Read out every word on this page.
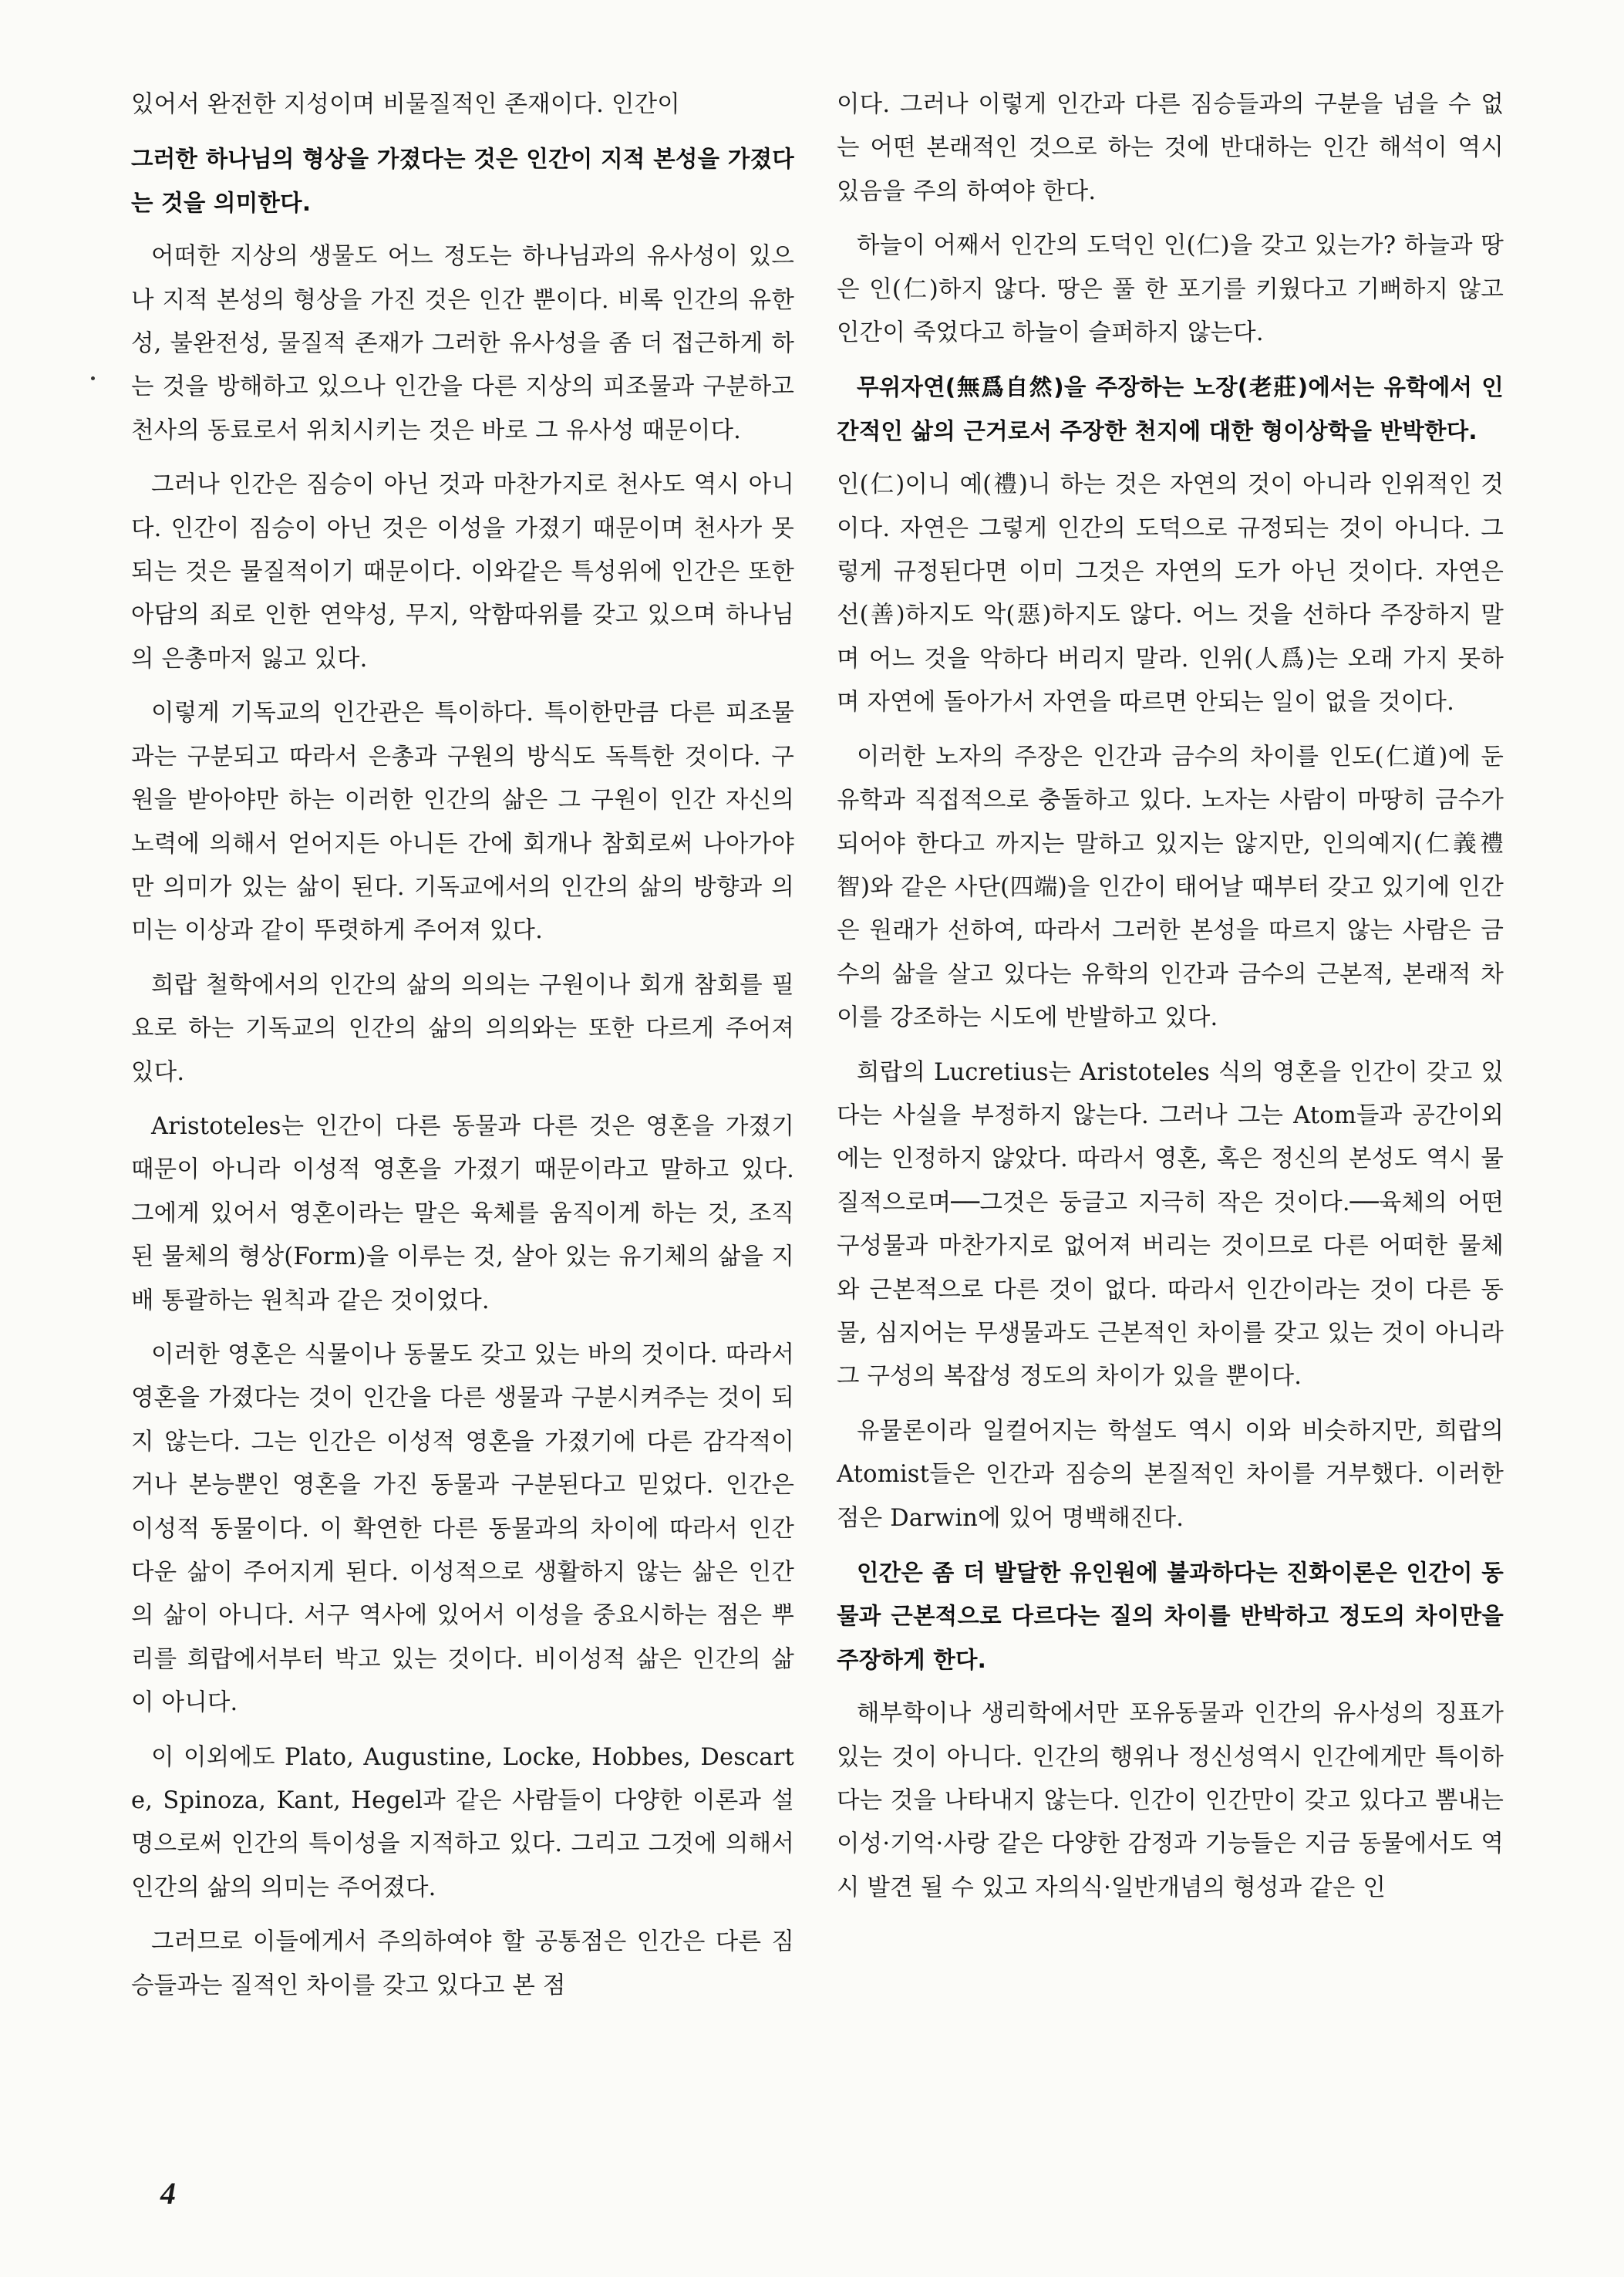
있어서 완전한 지성이며 비물질적인 존재이다. 인간이

그러한 하나님의 형상을 가졌다는 것은 인간이 지적 본성을 가졌다는 것을 의미한다.

어떠한 지상의 생물도 어느 정도는 하나님과의 유사성이 있으나 지적 본성의 형상을 가진 것은 인간 뿐이다. 비록 인간의 유한성, 불완전성, 물질적 존재가 그러한 유사성을 좀 더 접근하게 하는 것을 방해하고 있으나 인간을 다른 지상의 피조물과 구분하고 천사의 동료로서 위치시키는 것은 바로 그 유사성 때문이다.

그러나 인간은 짐승이 아닌 것과 마찬가지로 천사도 역시 아니다. 인간이 짐승이 아닌 것은 이성을 가졌기 때문이며 천사가 못 되는 것은 물질적이기 때문이다. 이와같은 특성위에 인간은 또한 아담의 죄로 인한 연약성, 무지, 악함따위를 갖고 있으며 하나님의 은총마저 잃고 있다.

이렇게 기독교의 인간관은 특이하다. 특이한만큼 다른 피조물과는 구분되고 따라서 은총과 구원의 방식도 독특한 것이다. 구원을 받아야만 하는 이러한 인간의 삶은 그 구원이 인간 자신의 노력에 의해서 얻어지든 아니든 간에 회개나 참회로써 나아가야만 의미가 있는 삶이 된다. 기독교에서의 인간의 삶의 방향과 의미는 이상과 같이 뚜렷하게 주어져 있다.

희랍 철학에서의 인간의 삶의 의의는 구원이나 회개 참회를 필요로 하는 기독교의 인간의 삶의 의의와는 또한 다르게 주어져 있다.

Aristoteles는 인간이 다른 동물과 다른 것은 영혼을 가졌기 때문이 아니라 이성적 영혼을 가졌기 때문이라고 말하고 있다. 그에게 있어서 영혼이라는 말은 육체를 움직이게 하는 것, 조직된 물체의 형상(Form)을 이루는 것, 살아 있는 유기체의 삶을 지배 통괄하는 원칙과 같은 것이었다.

이러한 영혼은 식물이나 동물도 갖고 있는 바의 것이다. 따라서 영혼을 가졌다는 것이 인간을 다른 생물과 구분시켜주는 것이 되지 않는다. 그는 인간은 이성적 영혼을 가졌기에 다른 감각적이거나 본능뿐인 영혼을 가진 동물과 구분된다고 믿었다. 인간은 이성적 동물이다. 이 확연한 다른 동물과의 차이에 따라서 인간다운 삶이 주어지게 된다. 이성적으로 생활하지 않는 삶은 인간의 삶이 아니다. 서구 역사에 있어서 이성을 중요시하는 점은 뿌리를 희랍에서부터 박고 있는 것이다. 비이성적 삶은 인간의 삶이 아니다.

이 이외에도 Plato, Augustine, Locke, Hobbes, Descarte, Spinoza, Kant, Hegel과 같은 사람들이 다양한 이론과 설명으로써 인간의 특이성을 지적하고 있다. 그리고 그것에 의해서 인간의 삶의 의미는 주어졌다.

그러므로 이들에게서 주의하여야 할 공통점은 인간은 다른 짐승들과는 질적인 차이를 갖고 있다고 본 점

이다. 그러나 이렇게 인간과 다른 짐승들과의 구분을 넘을 수 없는 어떤 본래적인 것으로 하는 것에 반대하는 인간 해석이 역시 있음을 주의 하여야 한다.

하늘이 어째서 인간의 도덕인 인(仁)을 갖고 있는가? 하늘과 땅은 인(仁)하지 않다. 땅은 풀 한 포기를 키웠다고 기뻐하지 않고 인간이 죽었다고 하늘이 슬퍼하지 않는다.

무위자연(無爲自然)을 주장하는 노장(老莊)에서는 유학에서 인간적인 삶의 근거로서 주장한 천지에 대한 형이상학을 반박한다.

인(仁)이니 예(禮)니 하는 것은 자연의 것이 아니라 인위적인 것이다. 자연은 그렇게 인간의 도덕으로 규정되는 것이 아니다. 그렇게 규정된다면 이미 그것은 자연의 도가 아닌 것이다. 자연은 선(善)하지도 악(惡)하지도 않다. 어느 것을 선하다 주장하지 말며 어느 것을 악하다 버리지 말라. 인위(人爲)는 오래 가지 못하며 자연에 돌아가서 자연을 따르면 안되는 일이 없을 것이다.

이러한 노자의 주장은 인간과 금수의 차이를 인도(仁道)에 둔 유학과 직접적으로 충돌하고 있다. 노자는 사람이 마땅히 금수가 되어야 한다고 까지는 말하고 있지는 않지만, 인의예지(仁義禮智)와 같은 사단(四端)을 인간이 태어날 때부터 갖고 있기에 인간은 원래가 선하여, 따라서 그러한 본성을 따르지 않는 사람은 금수의 삶을 살고 있다는 유학의 인간과 금수의 근본적, 본래적 차이를 강조하는 시도에 반발하고 있다.

희랍의 Lucretius는 Aristoteles 식의 영혼을 인간이 갖고 있다는 사실을 부정하지 않는다. 그러나 그는 Atom들과 공간이외에는 인정하지 않았다. 따라서 영혼, 혹은 정신의 본성도 역시 물질적으로며──그것은 둥글고 지극히 작은 것이다.──육체의 어떤 구성물과 마찬가지로 없어져 버리는 것이므로 다른 어떠한 물체와 근본적으로 다른 것이 없다. 따라서 인간이라는 것이 다른 동물, 심지어는 무생물과도 근본적인 차이를 갖고 있는 것이 아니라 그 구성의 복잡성 정도의 차이가 있을 뿐이다.

유물론이라 일컬어지는 학설도 역시 이와 비슷하지만, 희랍의 Atomist들은 인간과 짐승의 본질적인 차이를 거부했다. 이러한 점은 Darwin에 있어 명백해진다.

인간은 좀 더 발달한 유인원에 불과하다는 진화이론은 인간이 동물과 근본적으로 다르다는 질의 차이를 반박하고 정도의 차이만을 주장하게 한다.

해부학이나 생리학에서만 포유동물과 인간의 유사성의 징표가 있는 것이 아니다. 인간의 행위나 정신성역시 인간에게만 특이하다는 것을 나타내지 않는다. 인간이 인간만이 갖고 있다고 뽐내는 이성·기억·사랑 같은 다양한 감정과 기능들은 지금 동물에서도 역시 발견 될 수 있고 자의식·일반개념의 형성과 같은 인

4
